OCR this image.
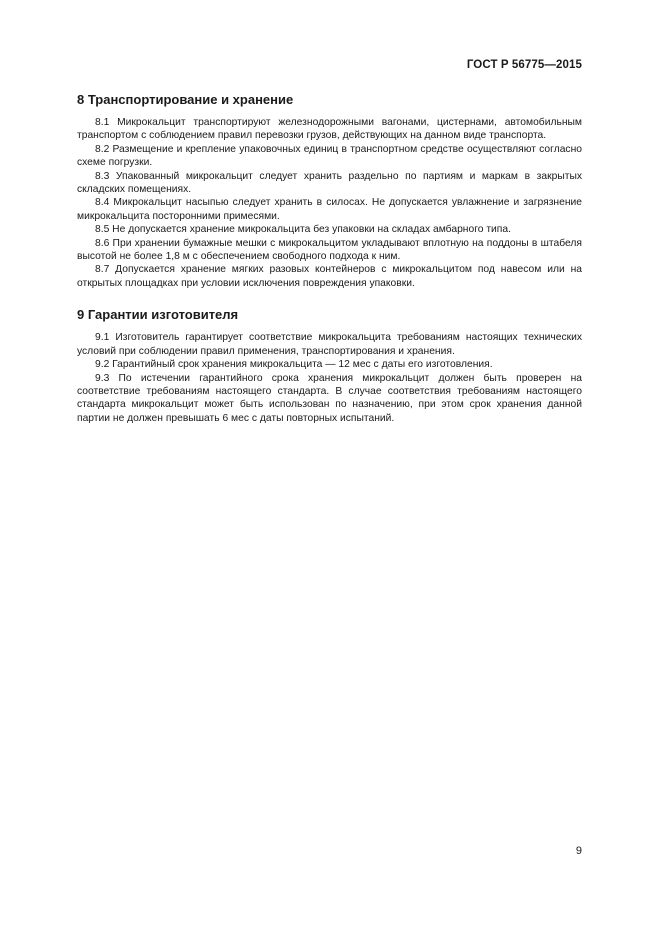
ГОСТ Р 56775—2015
8 Транспортирование и хранение

8.1 Микрокальцит транспортируют железнодорожными вагонами, цистернами, автомобильным транспортом с соблюдением правил перевозки грузов, действующих на данном виде транспорта.

8.2 Размещение и крепление упаковочных единиц в транспортном средстве осуществляют согласно схеме погрузки.

8.3 Упакованный микрокальцит следует хранить раздельно по партиям и маркам в закрытых складских помещениях.

8.4 Микрокальцит насыпью следует хранить в силосах. Не допускается увлажнение и загрязнение микрокальцита посторонними примесями.

8.5 Не допускается хранение микрокальцита без упаковки на складах амбарного типа.

8.6 При хранении бумажные мешки с микрокальцитом укладывают вплотную на поддоны в штабеля высотой не более 1,8 м с обеспечением свободного подхода к ним.

8.7 Допускается хранение мягких разовых контейнеров с микрокальцитом под навесом или на открытых площадках при условии исключения повреждения упаковки.

9 Гарантии изготовителя

9.1 Изготовитель гарантирует соответствие микрокальцита требованиям настоящих технических условий при соблюдении правил применения, транспортирования и хранения.

9.2 Гарантийный срок хранения микрокальцита — 12 мес с даты его изготовления.

9.3 По истечении гарантийного срока хранения микрокальцит должен быть проверен на соответствие требованиям настоящего стандарта. В случае соответствия требованиям настоящего стандарта микрокальцит может быть использован по назначению, при этом срок хранения данной партии не должен превышать 6 мес с даты повторных испытаний.

9
